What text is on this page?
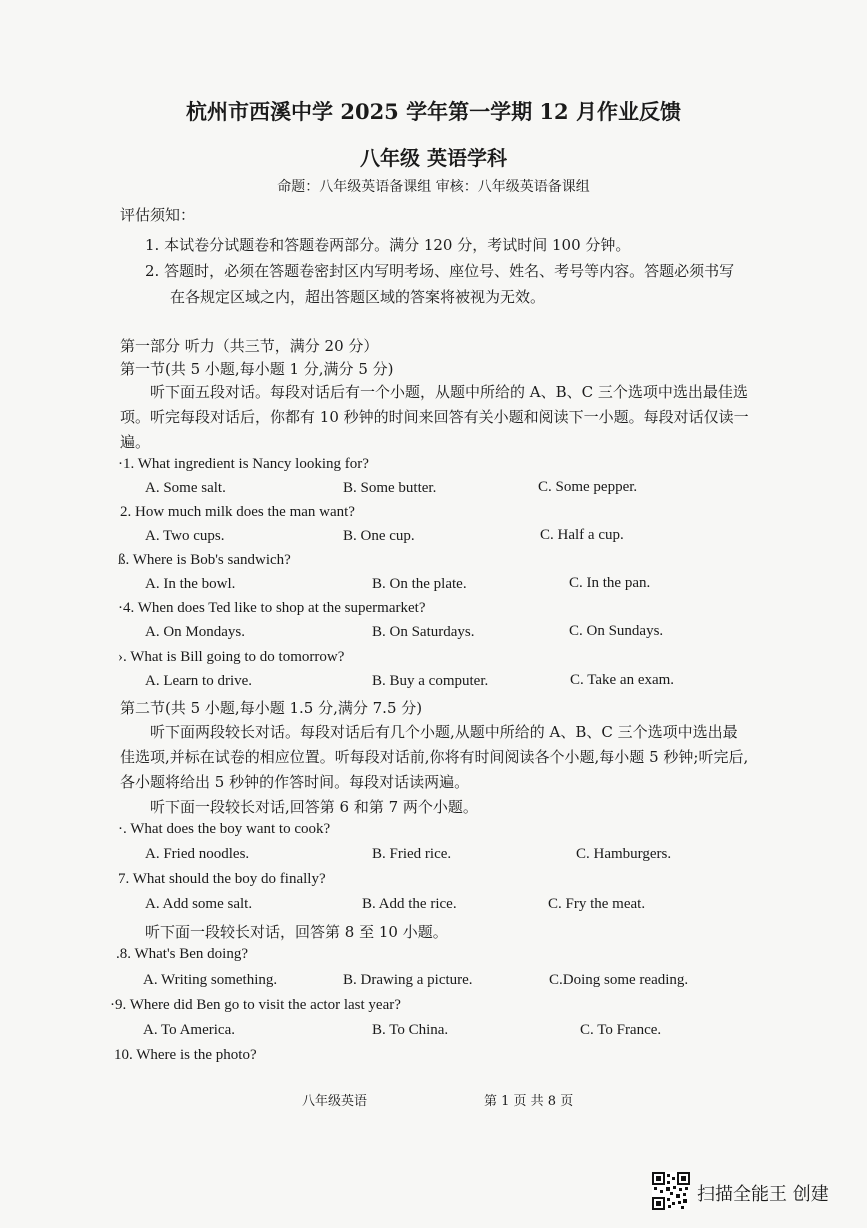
杭州市西溪中学 2025 学年第一学期 12 月作业反馈
八年级 英语学科
命题：八年级英语备课组 审核：八年级英语备课组
评估须知：
1. 本试卷分试题卷和答题卷两部分。满分 120 分，考试时间 100 分钟。
2. 答题时，必须在答题卷密封区内写明考场、座位号、姓名、考号等内容。答题必须书写
在各规定区域之内，超出答题区域的答案将被视为无效。
第一部分 听力（共三节，满分 20 分）
第一节(共 5 小题,每小题 1 分,满分 5 分)
听下面五段对话。每段对话后有一个小题，从题中所给的 A、B、C 三个选项中选出最佳选
项。听完每段对话后，你都有 10 秒钟的时间来回答有关小题和阅读下一小题。每段对话仅读一
遍。
·1. What ingredient is Nancy looking for?
A. Some salt.	B. Some butter.	C. Some pepper.
2. How much milk does the man want?
A. Two cups.	B. One cup.	C. Half a cup.
ß. Where is Bob's sandwich?
A. In the bowl.	B. On the plate.	C. In the pan.
·4. When does Ted like to shop at the supermarket?
A. On Mondays.	B. On Saturdays.	C. On Sundays.
›. What is Bill going to do tomorrow?
A. Learn to drive.	B. Buy a computer.	C. Take an exam.
第二节(共 5 小题,每小题 1.5 分,满分 7.5 分)
听下面两段较长对话。每段对话后有几个小题,从题中所给的 A、B、C 三个选项中选出最
佳选项,并标在试卷的相应位置。听每段对话前,你将有时间阅读各个小题,每小题 5 秒钟;听完后,
各小题将给出 5 秒钟的作答时间。每段对话读两遍。
听下面一段较长对话,回答第 6 和第 7 两个小题。
·. What does the boy want to cook?
A. Fried noodles.	B. Fried rice.	C. Hamburgers.
7. What should the boy do finally?
A. Add some salt.	B. Add the rice.	C. Fry the meat.
听下面一段较长对话，回答第 8 至 10 小题。
.8. What's Ben doing?
A. Writing something.	B. Drawing a picture.	C.Doing some reading.
·9. Where did Ben go to visit the actor last year?
A. To America.	B. To China.	C. To France.
10. Where is the photo?
八年级英语	第 1 页 共 8 页
扫描全能王 创建
